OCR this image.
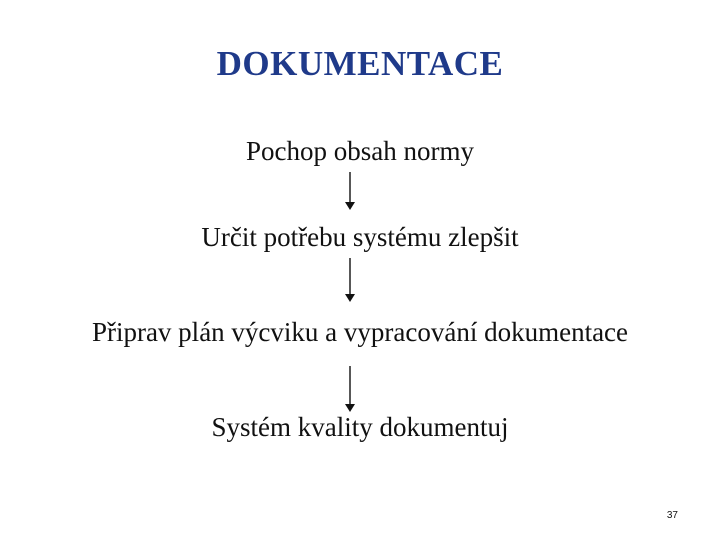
DOKUMENTACE
Pochop obsah normy
Určit potřebu systému zlepšit
Připrav plán výcviku a vypracování dokumentace
Systém kvality dokumentuj
37
